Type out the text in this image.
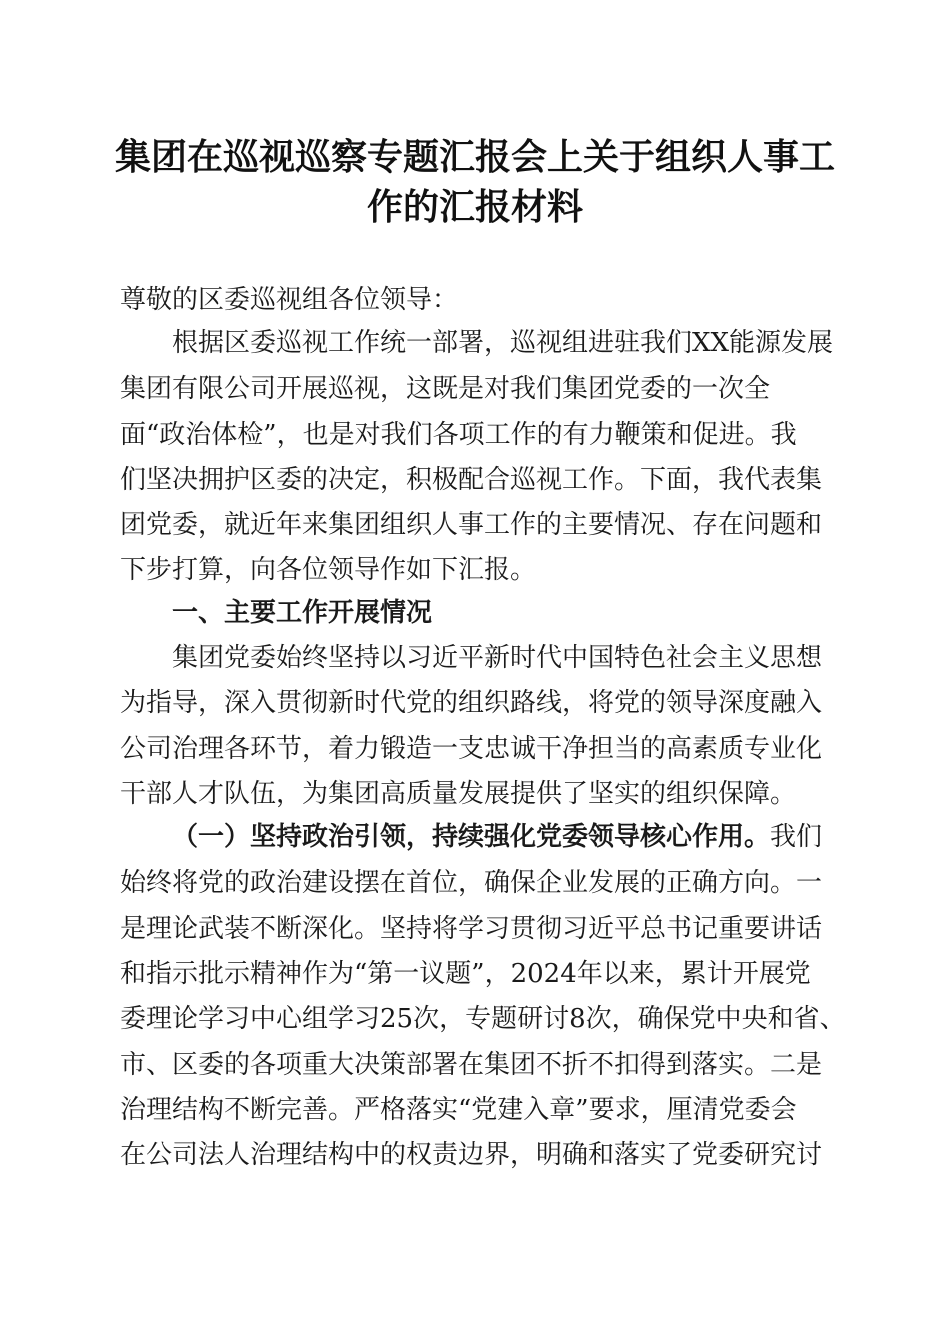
集团在巡视巡察专题汇报会上关于组织人事工
作的汇报材料
尊敬的区委巡视组各位领导：
根据区委巡视工作统一部署，巡视组进驻我们XX能源发展
集团有限公司开展巡视，这既是对我们集团党委的一次全
面“政治体检”，也是对我们各项工作的有力鞭策和促进。我
们坚决拥护区委的决定，积极配合巡视工作。下面，我代表集
团党委，就近年来集团组织人事工作的主要情况、存在问题和
下步打算，向各位领导作如下汇报。
一、主要工作开展情况
集团党委始终坚持以习近平新时代中国特色社会主义思想
为指导，深入贯彻新时代党的组织路线，将党的领导深度融入
公司治理各环节，着力锻造一支忠诚干净担当的高素质专业化
干部人才队伍，为集团高质量发展提供了坚实的组织保障。
（一）坚持政治引领，持续强化党委领导核心作用。我们
始终将党的政治建设摆在首位，确保企业发展的正确方向。一
是理论武装不断深化。坚持将学习贯彻习近平总书记重要讲话
和指示批示精神作为“第一议题”，2024年以来，累计开展党
委理论学习中心组学习25次，专题研讨8次，确保党中央和省、
市、区委的各项重大决策部署在集团不折不扣得到落实。二是
治理结构不断完善。严格落实“党建入章”要求，厘清党委会
在公司法人治理结构中的权责边界，明确和落实了党委研究讨
